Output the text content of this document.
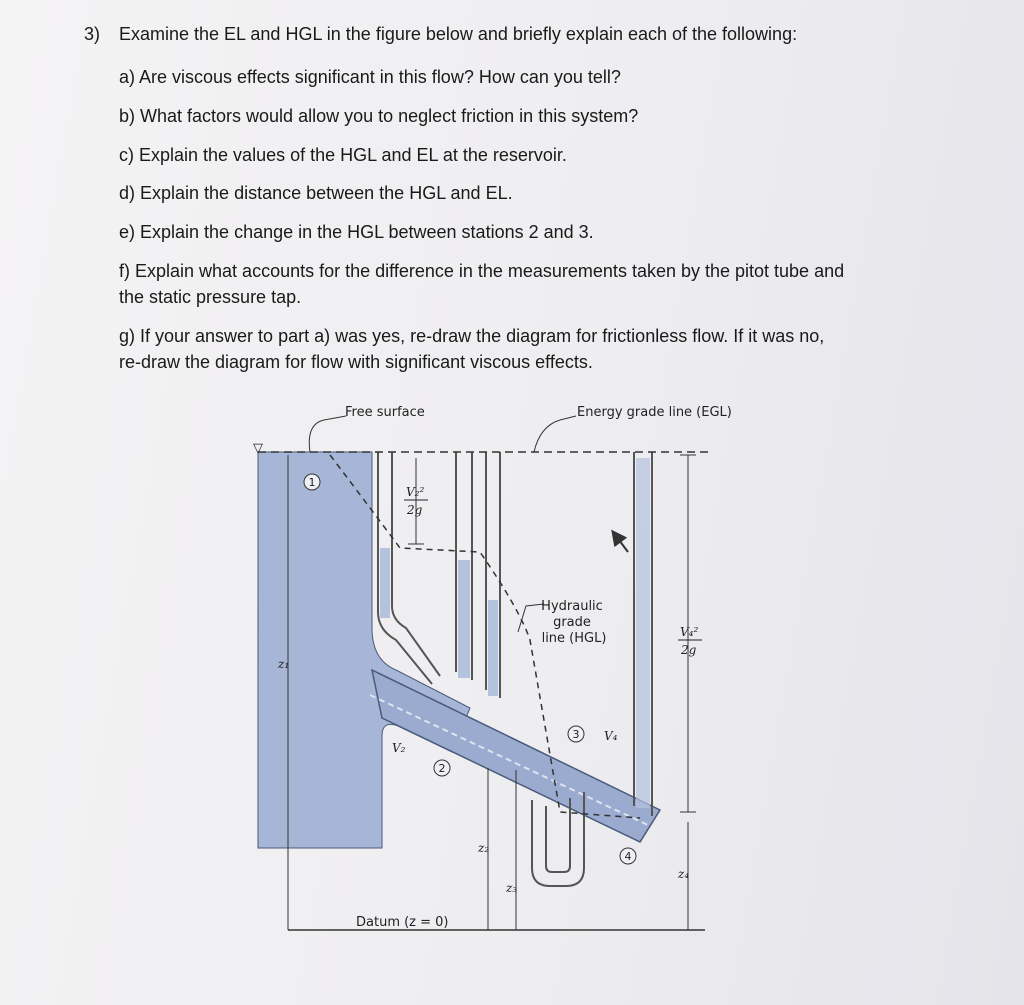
3) Examine the EL and HGL in the figure below and briefly explain each of the following:
a) Are viscous effects significant in this flow? How can you tell?
b) What factors would allow you to neglect friction in this system?
c) Explain the values of the HGL and EL at the reservoir.
d) Explain the distance between the HGL and EL.
e) Explain the change in the HGL between stations 2 and 3.
f) Explain what accounts for the difference in the measurements taken by the pitot tube and
the static pressure tap.
g) If your answer to part a) was yes, re-draw the diagram for frictionless flow. If it was no,
re-draw the diagram for flow with significant viscous effects.
▽
Free surface	Energy grade line (EGL)
Hydraulic
grade
line (HGL)
V₂²
2g
V₄²
2g
z₁
z₂
z₃
z₄
V₂
V₄
Datum (z = 0)
1
2
3
4
